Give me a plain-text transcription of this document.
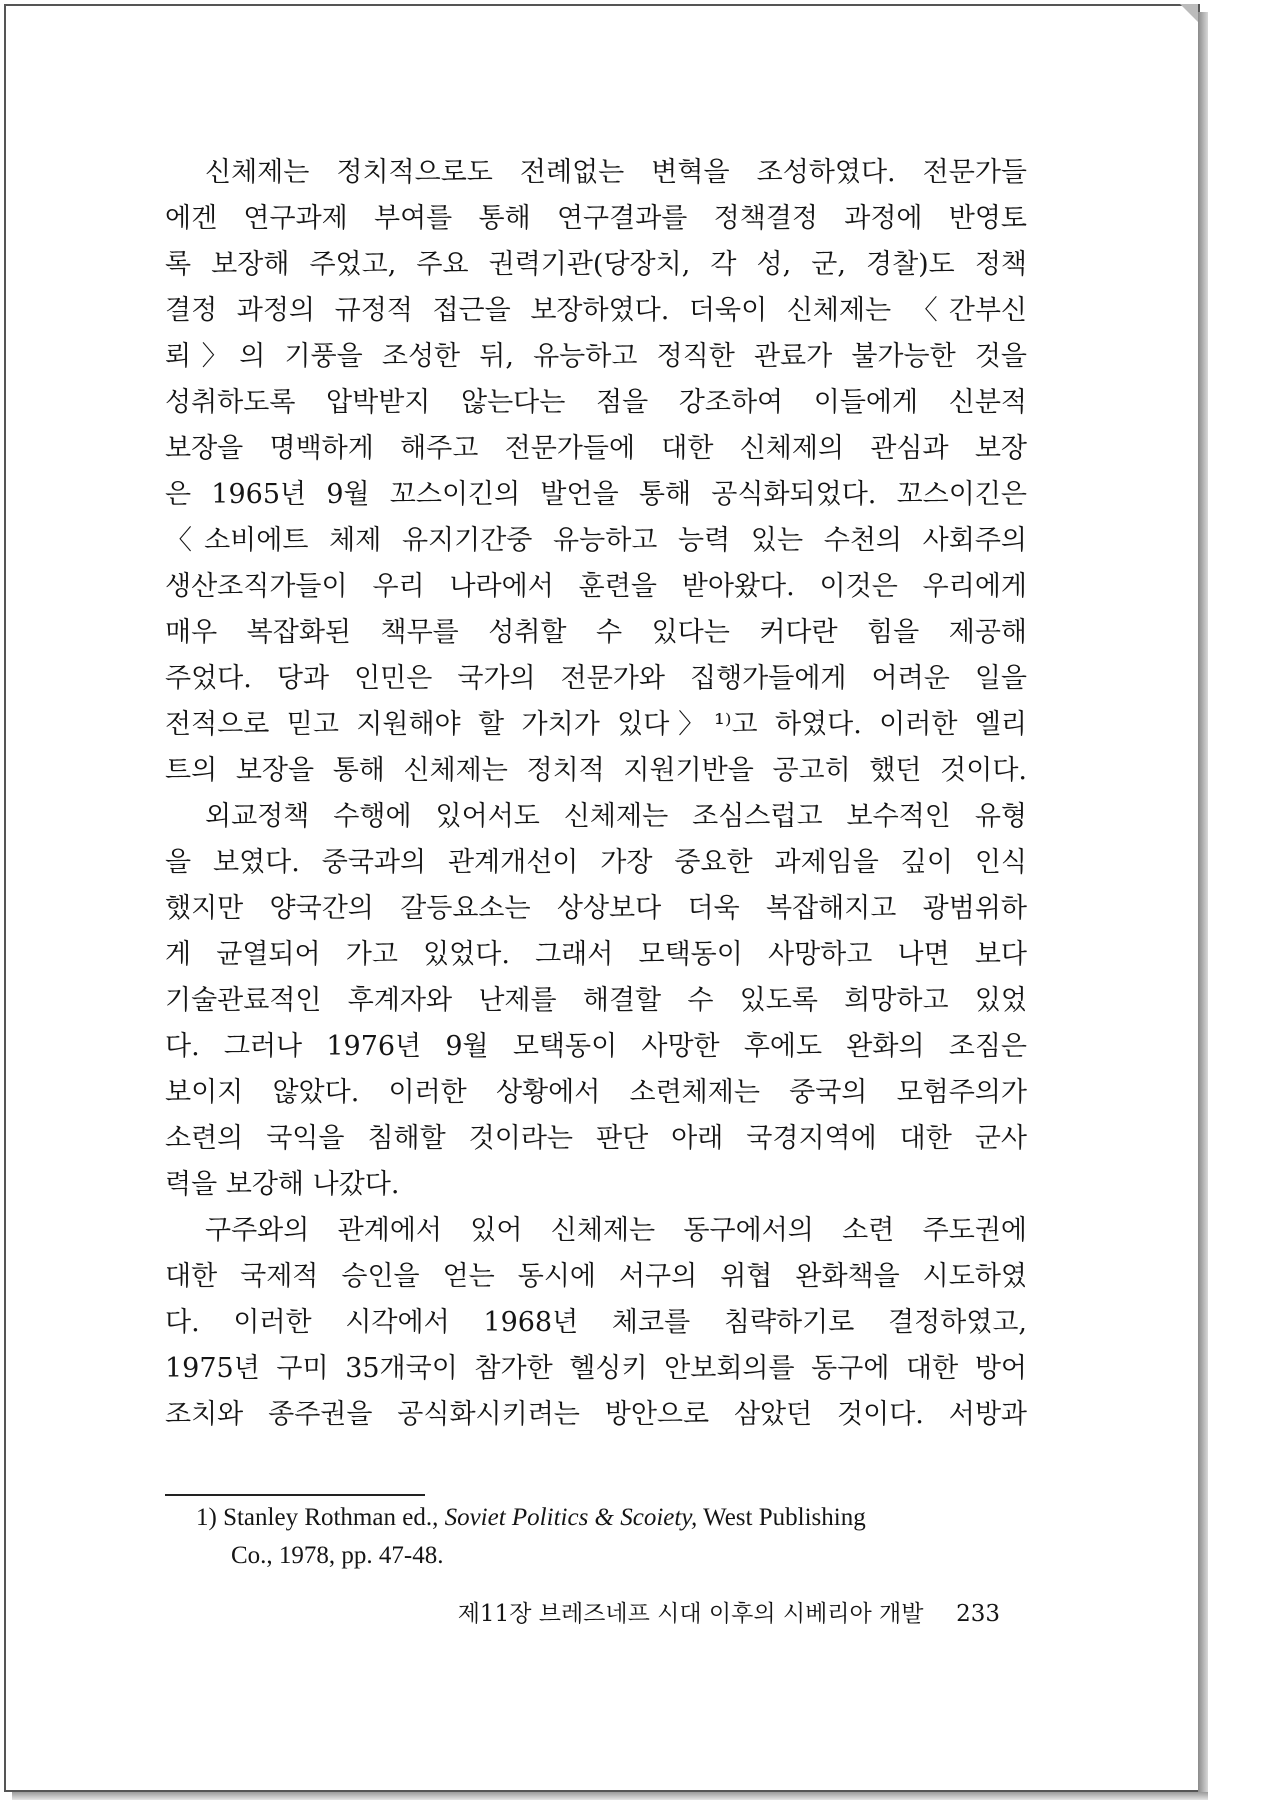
신체제는 정치적으로도 전례없는 변혁을 조성하였다. 전문가들
에겐 연구과제 부여를 통해 연구결과를 정책결정 과정에 반영토
록 보장해 주었고, 주요 권력기관(당장치, 각 성, 군, 경찰)도 정책
결정 과정의 규정적 접근을 보장하였다. 더욱이 신체제는 〈간부신
뢰〉의 기풍을 조성한 뒤, 유능하고 정직한 관료가 불가능한 것을
성취하도록 압박받지 않는다는 점을 강조하여 이들에게 신분적
보장을 명백하게 해주고 전문가들에 대한 신체제의 관심과 보장
은 1965년 9월 꼬스이긴의 발언을 통해 공식화되었다. 꼬스이긴은
〈소비에트 체제 유지기간중 유능하고 능력 있는 수천의 사회주의
생산조직가들이 우리 나라에서 훈련을 받아왔다. 이것은 우리에게
매우 복잡화된 책무를 성취할 수 있다는 커다란 힘을 제공해
주었다. 당과 인민은 국가의 전문가와 집행가들에게 어려운 일을
전적으로 믿고 지원해야 할 가치가 있다〉¹⁾고 하였다. 이러한 엘리
트의 보장을 통해 신체제는 정치적 지원기반을 공고히 했던 것이다.
외교정책 수행에 있어서도 신체제는 조심스럽고 보수적인 유형
을 보였다. 중국과의 관계개선이 가장 중요한 과제임을 깊이 인식
했지만 양국간의 갈등요소는 상상보다 더욱 복잡해지고 광범위하
게 균열되어 가고 있었다. 그래서 모택동이 사망하고 나면 보다
기술관료적인 후계자와 난제를 해결할 수 있도록 희망하고 있었
다. 그러나 1976년 9월 모택동이 사망한 후에도 완화의 조짐은
보이지 않았다. 이러한 상황에서 소련체제는 중국의 모험주의가
소련의 국익을 침해할 것이라는 판단 아래 국경지역에 대한 군사
력을 보강해 나갔다.
구주와의 관계에서 있어 신체제는 동구에서의 소련 주도권에
대한 국제적 승인을 얻는 동시에 서구의 위협 완화책을 시도하였
다. 이러한 시각에서 1968년 체코를 침략하기로 결정하였고,
1975년 구미 35개국이 참가한 헬싱키 안보회의를 동구에 대한 방어
조치와 종주권을 공식화시키려는 방안으로 삼았던 것이다. 서방과
1) Stanley Rothman ed., Soviet Politics & Scoiety, West Publishing
Co., 1978, pp. 47-48.
제11장 브레즈네프 시대 이후의 시베리아 개발 233
